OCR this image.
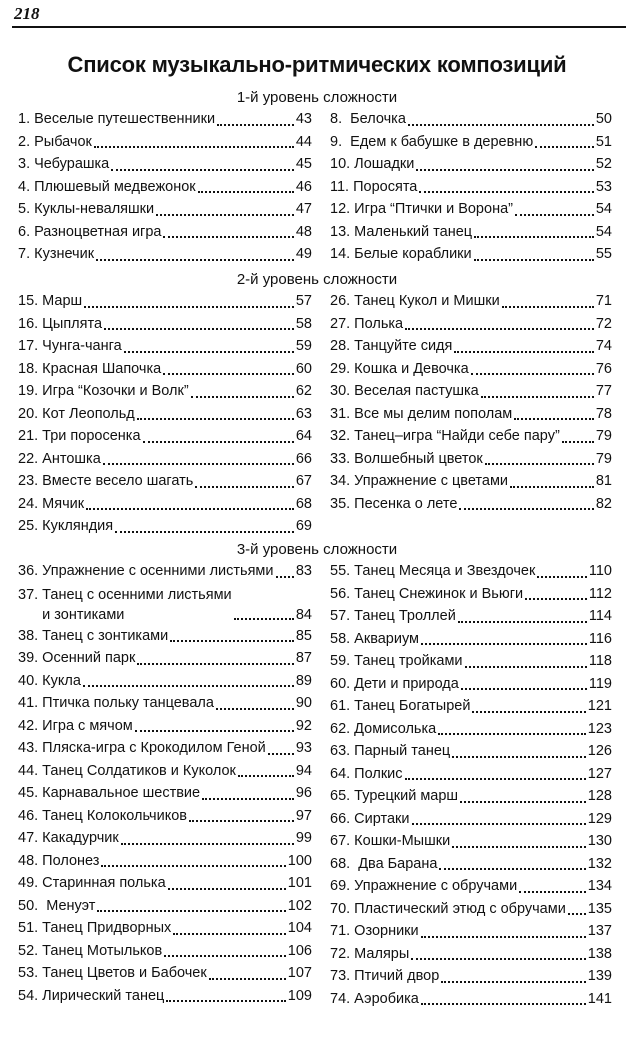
218
Список музыкально-ритмических композиций
1-й уровень сложности
1. Веселые путешественники	43
2. Рыбачок	44
3. Чебурашка	45
4. Плюшевый медвежонок	46
5. Куклы-неваляшки	47
6. Разноцветная игра	48
7. Кузнечик	49
8.  Белочка	50
9.  Едем к бабушке в деревню	51
10. Лошадки	52
11. Поросята	53
12. Игра “Птички и Ворона”	54
13. Маленький танец	54
14. Белые кораблики	55
2-й уровень сложности
15. Марш	57
16. Цыплята	58
17. Чунга-чанга	59
18. Красная Шапочка	60
19. Игра “Козочки и Волк”	62
20. Кот Леопольд	63
21. Три поросенка	64
22. Антошка	66
23. Вместе весело шагать	67
24. Мячик	68
25. Кукляндия	69
26. Танец Кукол и Мишки	71
27. Полька	72
28. Танцуйте сидя	74
29. Кошка и Девочка	76
30. Веселая пастушка	77
31. Все мы делим пополам	78
32. Танец–игра “Найди себе пару” 79
33. Волшебный цветок	79
34. Упражнение с цветами	81
35. Песенка о лете	82
3-й уровень сложности
36. Упражнение с осенними листьями 83
37. Танец с осенними листьями
и зонтиками	84
38. Танец с зонтиками	85
39. Осенний парк	87
40. Кукла	89
41. Птичка польку танцевала	90
42. Игра с мячом	92
43. Пляска-игра с Крокодилом Геной 93
44. Танец Солдатиков и Куколок	94
45. Карнавальное шествие	96
46. Танец Колокольчиков	97
47. Какадурчик	99
48. Полонез	100
49. Старинная полька	101
50.  Менуэт	102
51. Танец Придворных	104
52. Танец Мотыльков	106
53. Танец Цветов и Бабочек	107
54. Лирический танец	109
55. Танец Месяца и Звездочек	110
56. Танец Снежинок и Вьюги	112
57. Танец Троллей	114
58. Аквариум	116
59. Танец тройками	118
60. Дети и природа	119
61. Танец Богатырей	121
62. Домисолька	123
63. Парный танец	126
64. Полкис	127
65. Турецкий марш	128
66. Сиртаки	129
67. Кошки-Мышки	130
68.  Два Барана	132
69. Упражнение с обручами	134
70. Пластический этюд с обручами 135
71. Озорники	137
72. Маляры	138
73. Птичий двор	139
74. Аэробика	141
